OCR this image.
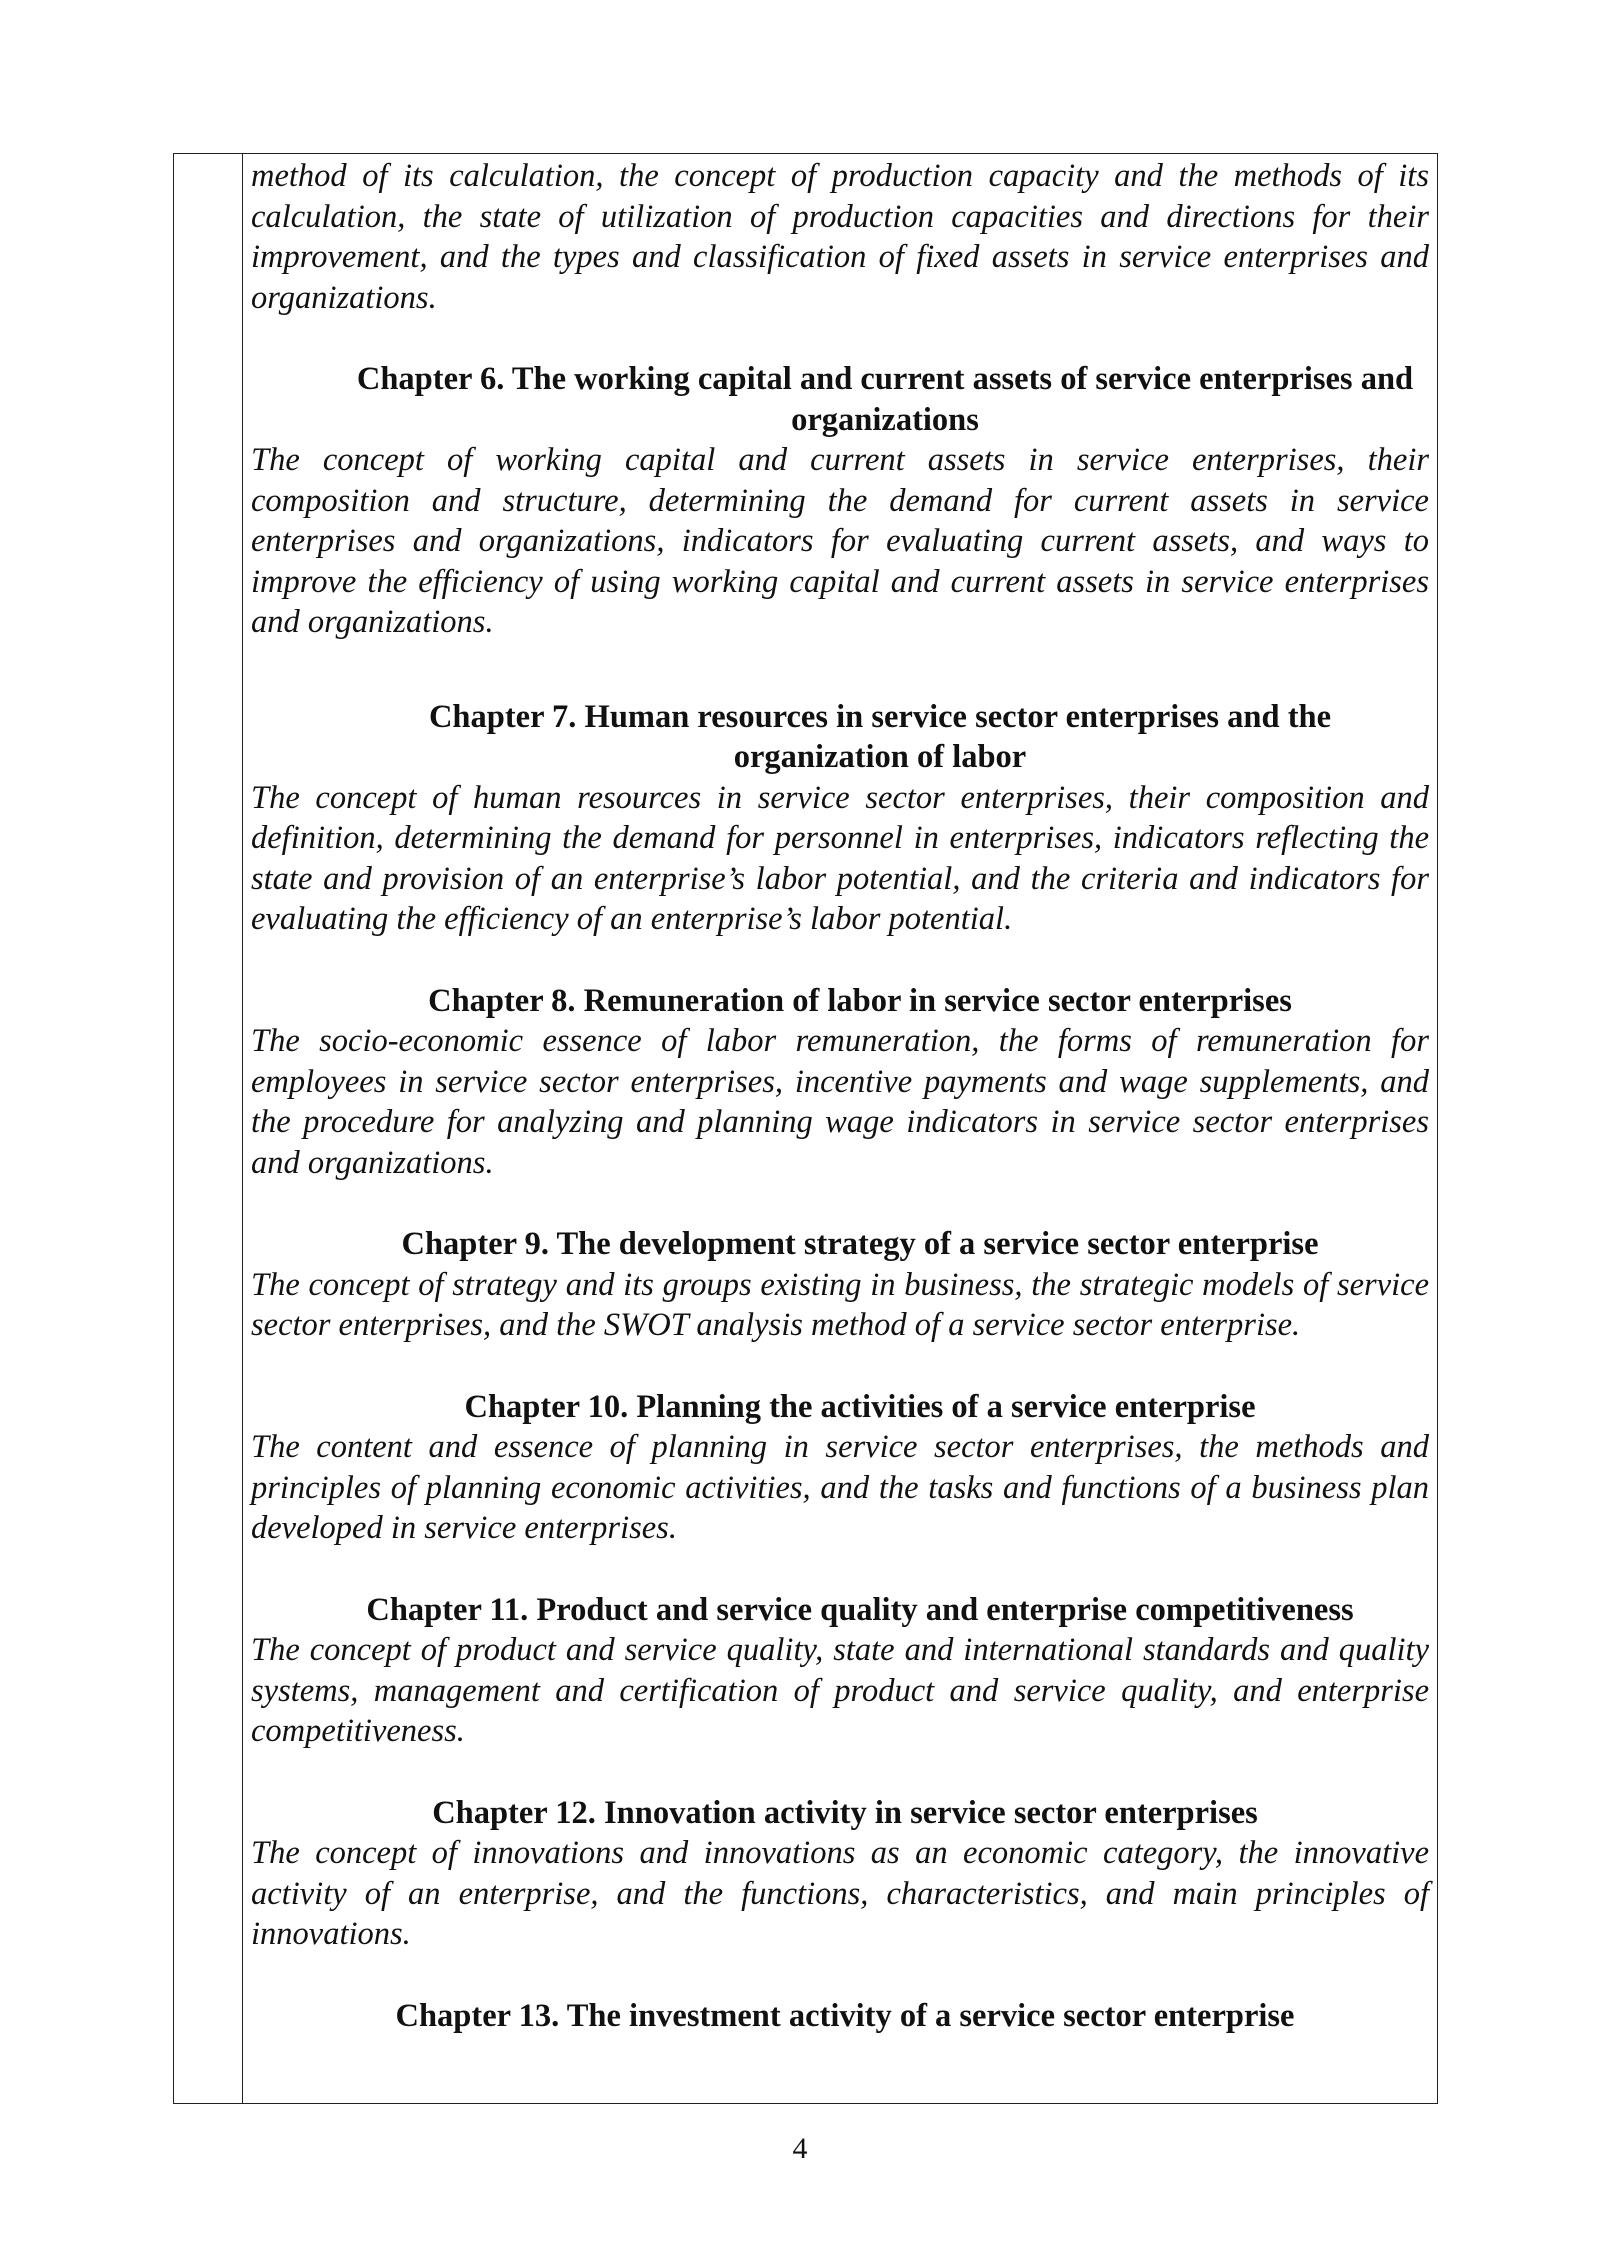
method of its calculation, the concept of production capacity and the methods of its calculation, the state of utilization of production capacities and directions for their improvement, and the types and classification of fixed assets in service enterprises and organizations.

Chapter 6. The working capital and current assets of service enterprises and organizations

The concept of working capital and current assets in service enterprises, their composition and structure, determining the demand for current assets in service enterprises and organizations, indicators for evaluating current assets, and ways to improve the efficiency of using working capital and current assets in service enterprises and organizations.

Chapter 7. Human resources in service sector enterprises and the organization of labor

The concept of human resources in service sector enterprises, their composition and definition, determining the demand for personnel in enterprises, indicators reflecting the state and provision of an enterprise’s labor potential, and the criteria and indicators for evaluating the efficiency of an enterprise’s labor potential.

Chapter 8. Remuneration of labor in service sector enterprises

The socio-economic essence of labor remuneration, the forms of remuneration for employees in service sector enterprises, incentive payments and wage supplements, and the procedure for analyzing and planning wage indicators in service sector enterprises and organizations.

Chapter 9. The development strategy of a service sector enterprise

The concept of strategy and its groups existing in business, the strategic models of service sector enterprises, and the SWOT analysis method of a service sector enterprise.

Chapter 10. Planning the activities of a service enterprise

The content and essence of planning in service sector enterprises, the methods and principles of planning economic activities, and the tasks and functions of a business plan developed in service enterprises.

Chapter 11. Product and service quality and enterprise competitiveness

The concept of product and service quality, state and international standards and quality systems, management and certification of product and service quality, and enterprise competitiveness.

Chapter 12. Innovation activity in service sector enterprises

The concept of innovations and innovations as an economic category, the innovative activity of an enterprise, and the functions, characteristics, and main principles of innovations.

Chapter 13. The investment activity of a service sector enterprise

4
